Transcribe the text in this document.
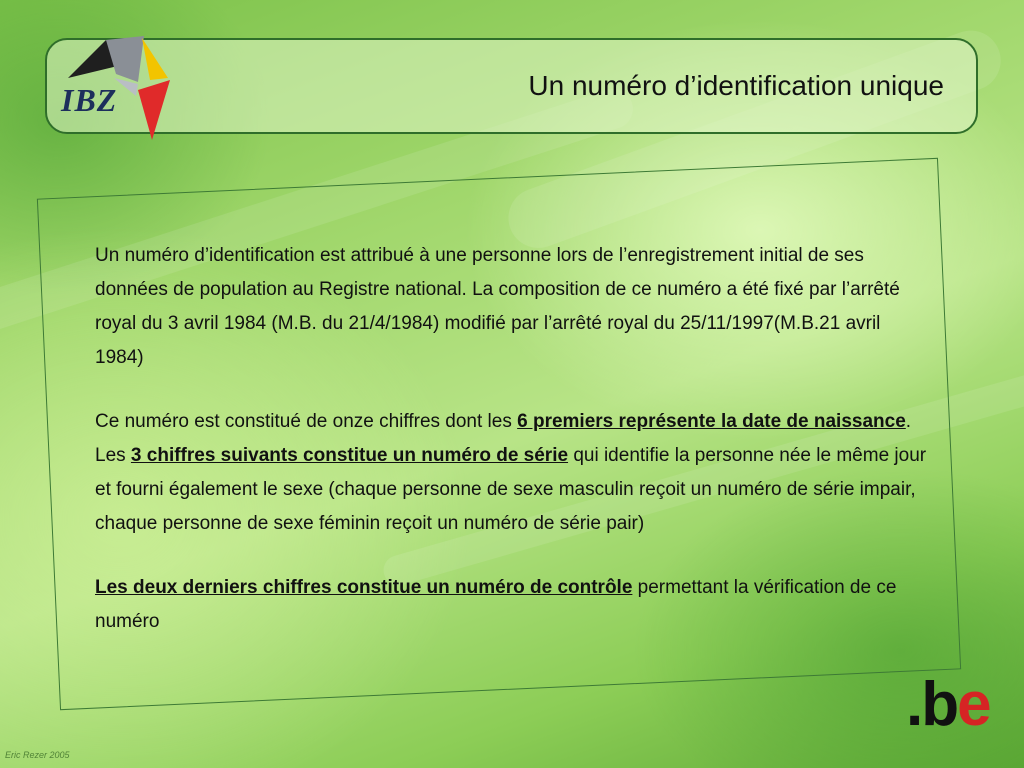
IBZ	Un numéro d’identification unique

Un numéro d’identification est attribué à une personne lors de l’enregistrement initial de ses données de population au Registre national. La composition de ce numéro a été fixé par l’arrêté royal du 3 avril 1984 (M.B. du 21/4/1984) modifié par l’arrêté royal du 25/11/1997(M.B.21 avril 1984)

Ce numéro est constitué de onze chiffres dont les 6 premiers représente la date de naissance. Les 3 chiffres suivants constitue un numéro de série qui identifie la personne née le même jour et fourni également le sexe (chaque personne de sexe masculin reçoit un numéro de série impair, chaque personne de sexe féminin reçoit un numéro de série pair)

Les deux derniers chiffres constitue un numéro de contrôle permettant la vérification de ce numéro

.be
Eric Rezer 2005
